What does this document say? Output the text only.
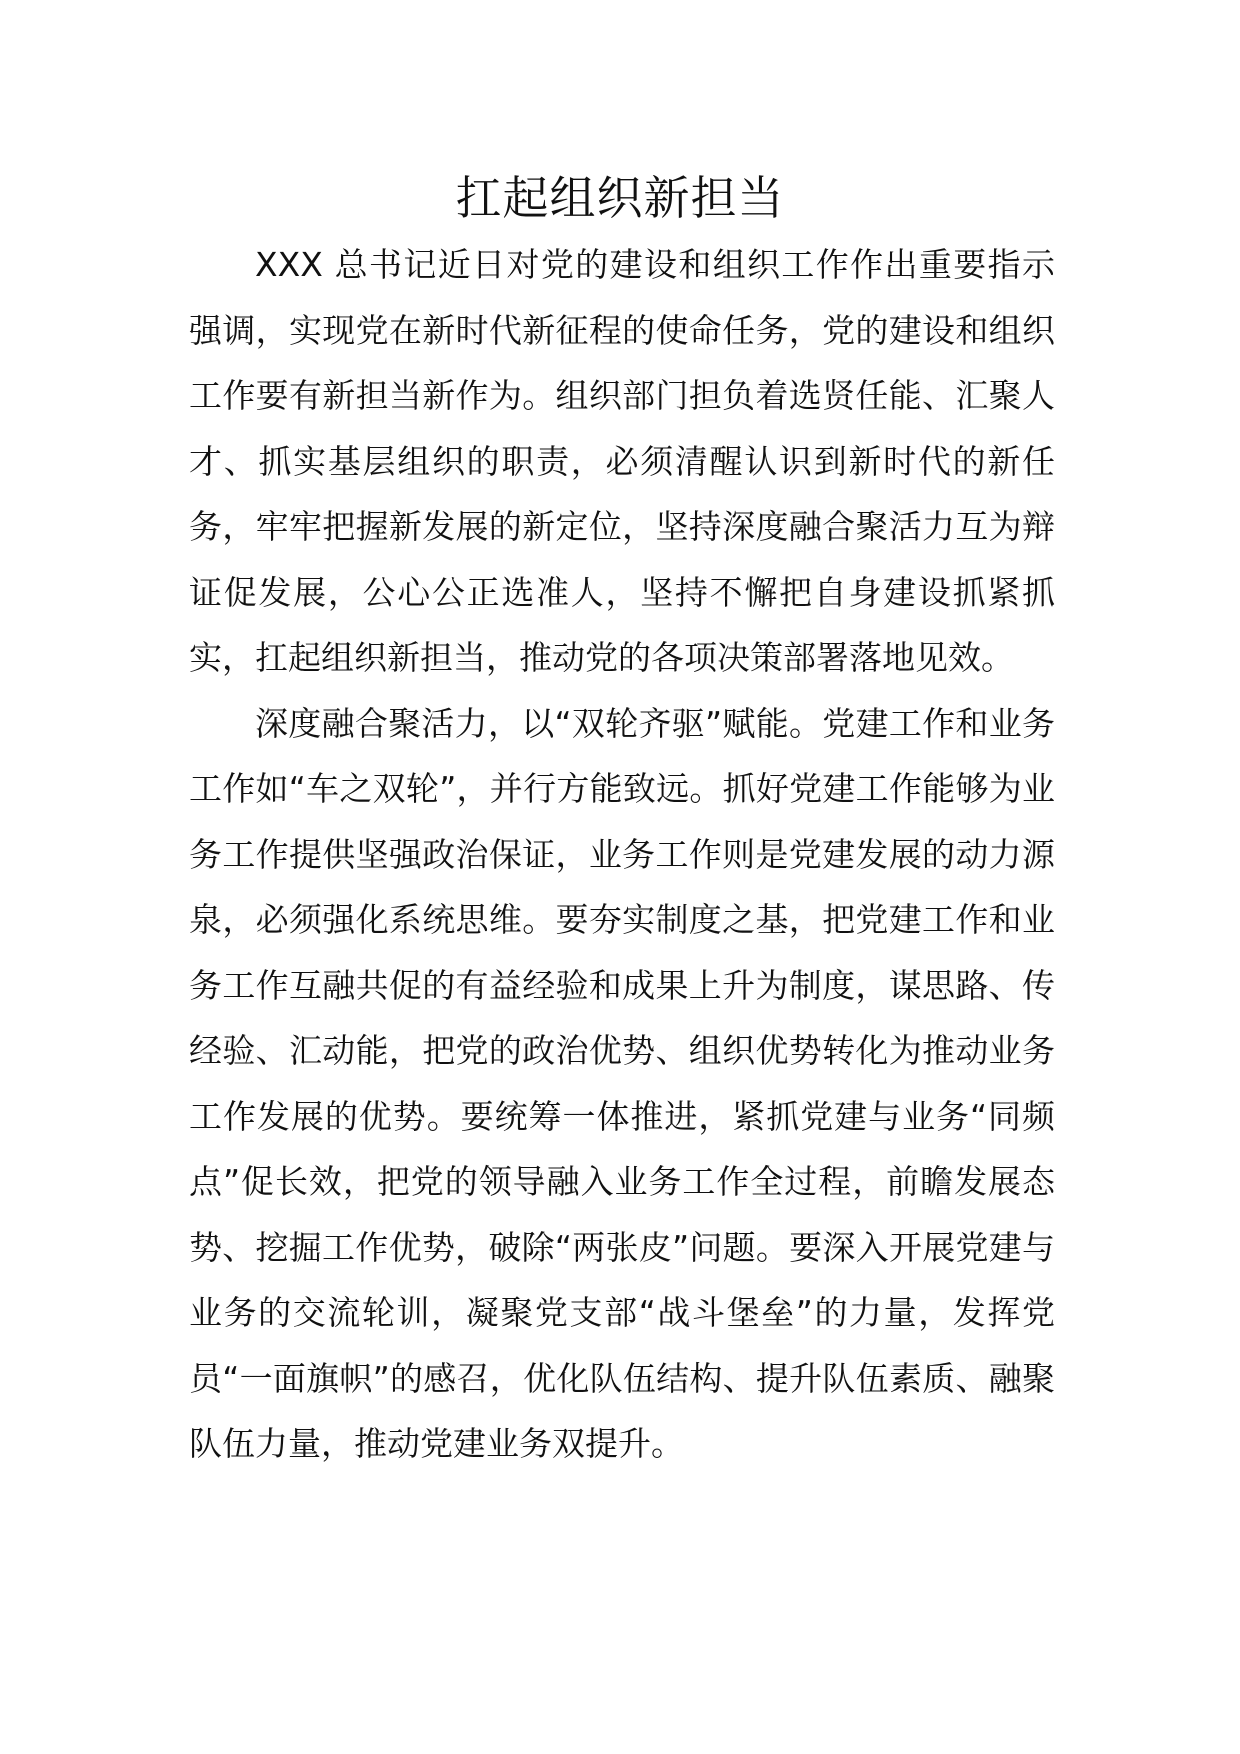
扛起组织新担当

XXX 总书记近日对党的建设和组织工作作出重要指示强调，实现党在新时代新征程的使命任务，党的建设和组织工作要有新担当新作为。组织部门担负着选贤任能、汇聚人才、抓实基层组织的职责，必须清醒认识到新时代的新任务，牢牢把握新发展的新定位，坚持深度融合聚活力互为辩证促发展，公心公正选准人，坚持不懈把自身建设抓紧抓实，扛起组织新担当，推动党的各项决策部署落地见效。

深度融合聚活力，以“双轮齐驱”赋能。党建工作和业务工作如“车之双轮”，并行方能致远。抓好党建工作能够为业务工作提供坚强政治保证，业务工作则是党建发展的动力源泉，必须强化系统思维。要夯实制度之基，把党建工作和业务工作互融共促的有益经验和成果上升为制度，谋思路、传经验、汇动能，把党的政治优势、组织优势转化为推动业务工作发展的优势。要统筹一体推进，紧抓党建与业务“同频点”促长效，把党的领导融入业务工作全过程，前瞻发展态势、挖掘工作优势，破除“两张皮”问题。要深入开展党建与业务的交流轮训，凝聚党支部“战斗堡垒”的力量，发挥党员“一面旗帜”的感召，优化队伍结构、提升队伍素质、融聚队伍力量，推动党建业务双提升。
